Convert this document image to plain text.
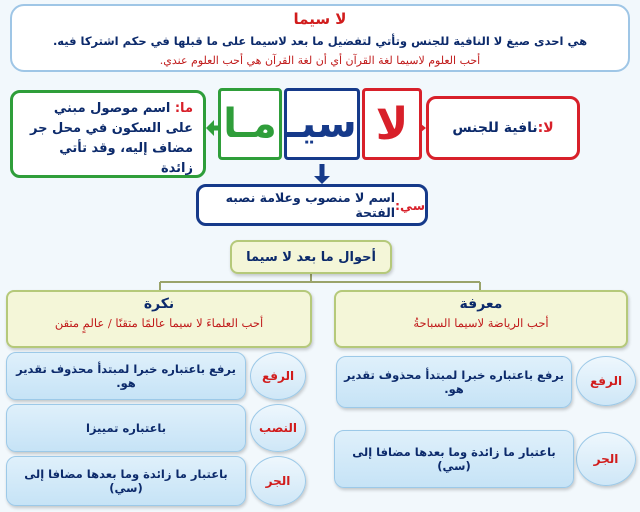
لا سيما
هي احدى صيغ لا النافية للجنس وتأتي لتفضيل ما بعد لاسيما على ما قبلها في حكم اشتركا فيه.
أحب العلوم لاسيما لغة القرآن أي أن لغة القرآن هي أحب العلوم عندي.
لا:
نافية للجنس
لا
سيـ
مـا
ما: اسم موصول مبني على السكون في محل جر مضاف إليه، وقد تأتي زائدة
سي:
اسم لا منصوب وعلامة نصبه الفتحة
أحوال ما بعد لا سيما
معرفة
أحب الرياضة لاسيما السباحةُ
نكرة
أحب العلماءَ لا سيما عالمًا متقنًا / عالمٍ متقن
الرفع
يرفع باعتباره خبرا لمبتدأ محذوف تقدير هو.
الجر
باعتبار ما زائدة وما بعدها مضافا إلى (سي)
الرفع
يرفع باعتباره خبرا لمبتدأ محذوف تقدير هو.
النصب
باعتباره تمييزا
الجر
باعتبار ما زائدة وما بعدها مضافا إلى (سي)
